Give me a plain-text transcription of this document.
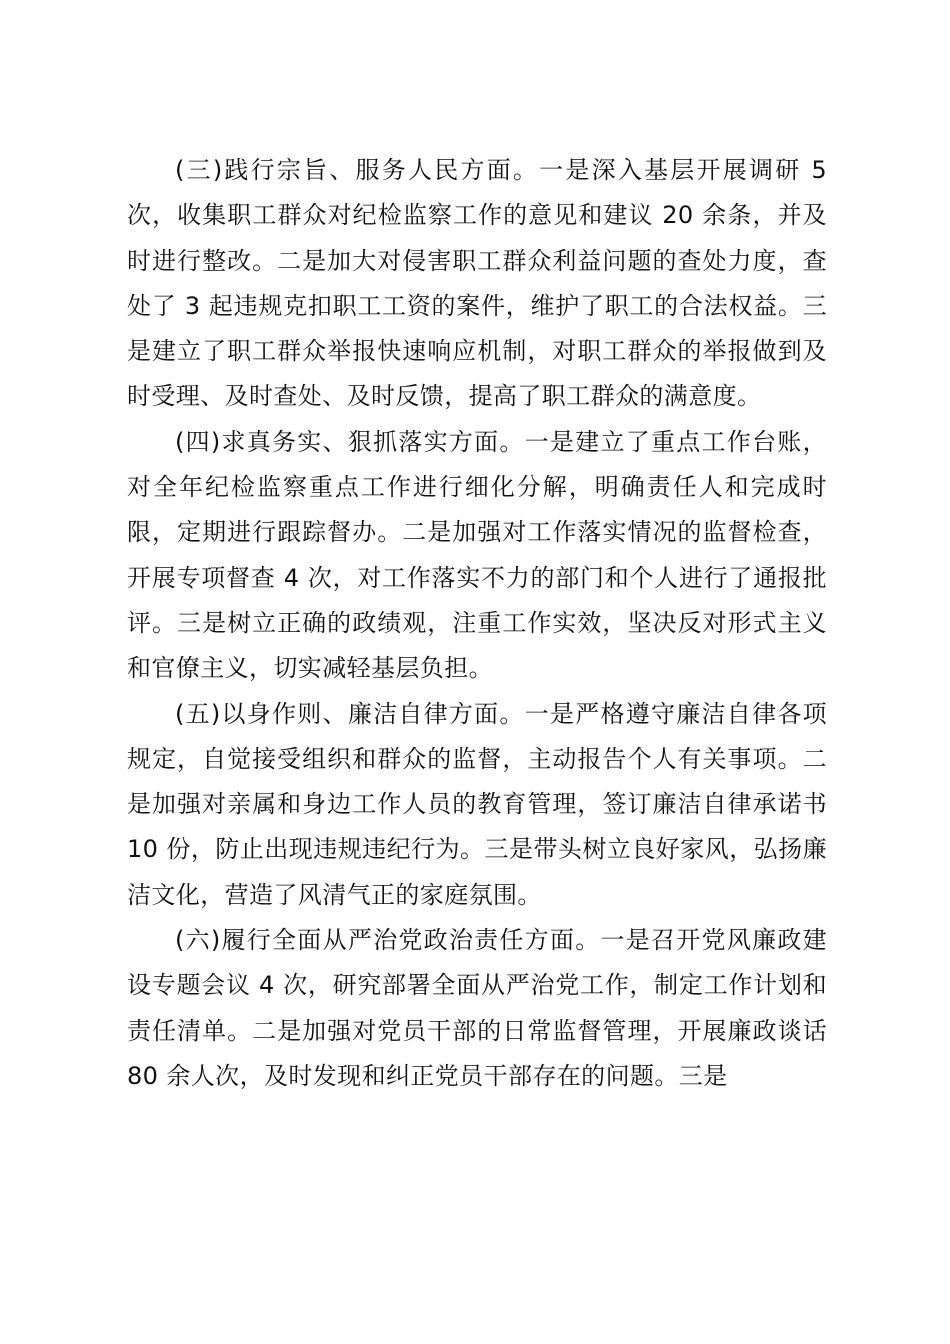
(三)践行宗旨、服务人民方面。一是深入基层开展调研 5 次，收集职工群众对纪检监察工作的意见和建议 20 余条，并及时进行整改。二是加大对侵害职工群众利益问题的查处力度，查处了 3 起违规克扣职工工资的案件，维护了职工的合法权益。三是建立了职工群众举报快速响应机制，对职工群众的举报做到及时受理、及时查处、及时反馈，提高了职工群众的满意度。

(四)求真务实、狠抓落实方面。一是建立了重点工作台账，对全年纪检监察重点工作进行细化分解，明确责任人和完成时限，定期进行跟踪督办。二是加强对工作落实情况的监督检查，开展专项督查 4 次，对工作落实不力的部门和个人进行了通报批评。三是树立正确的政绩观，注重工作实效，坚决反对形式主义和官僚主义，切实减轻基层负担。

(五)以身作则、廉洁自律方面。一是严格遵守廉洁自律各项规定，自觉接受组织和群众的监督，主动报告个人有关事项。二是加强对亲属和身边工作人员的教育管理，签订廉洁自律承诺书 10 份，防止出现违规违纪行为。三是带头树立良好家风，弘扬廉洁文化，营造了风清气正的家庭氛围。

(六)履行全面从严治党政治责任方面。一是召开党风廉政建设专题会议 4 次，研究部署全面从严治党工作，制定工作计划和责任清单。二是加强对党员干部的日常监督管理，开展廉政谈话 80 余人次，及时发现和纠正党员干部存在的问题。三是
